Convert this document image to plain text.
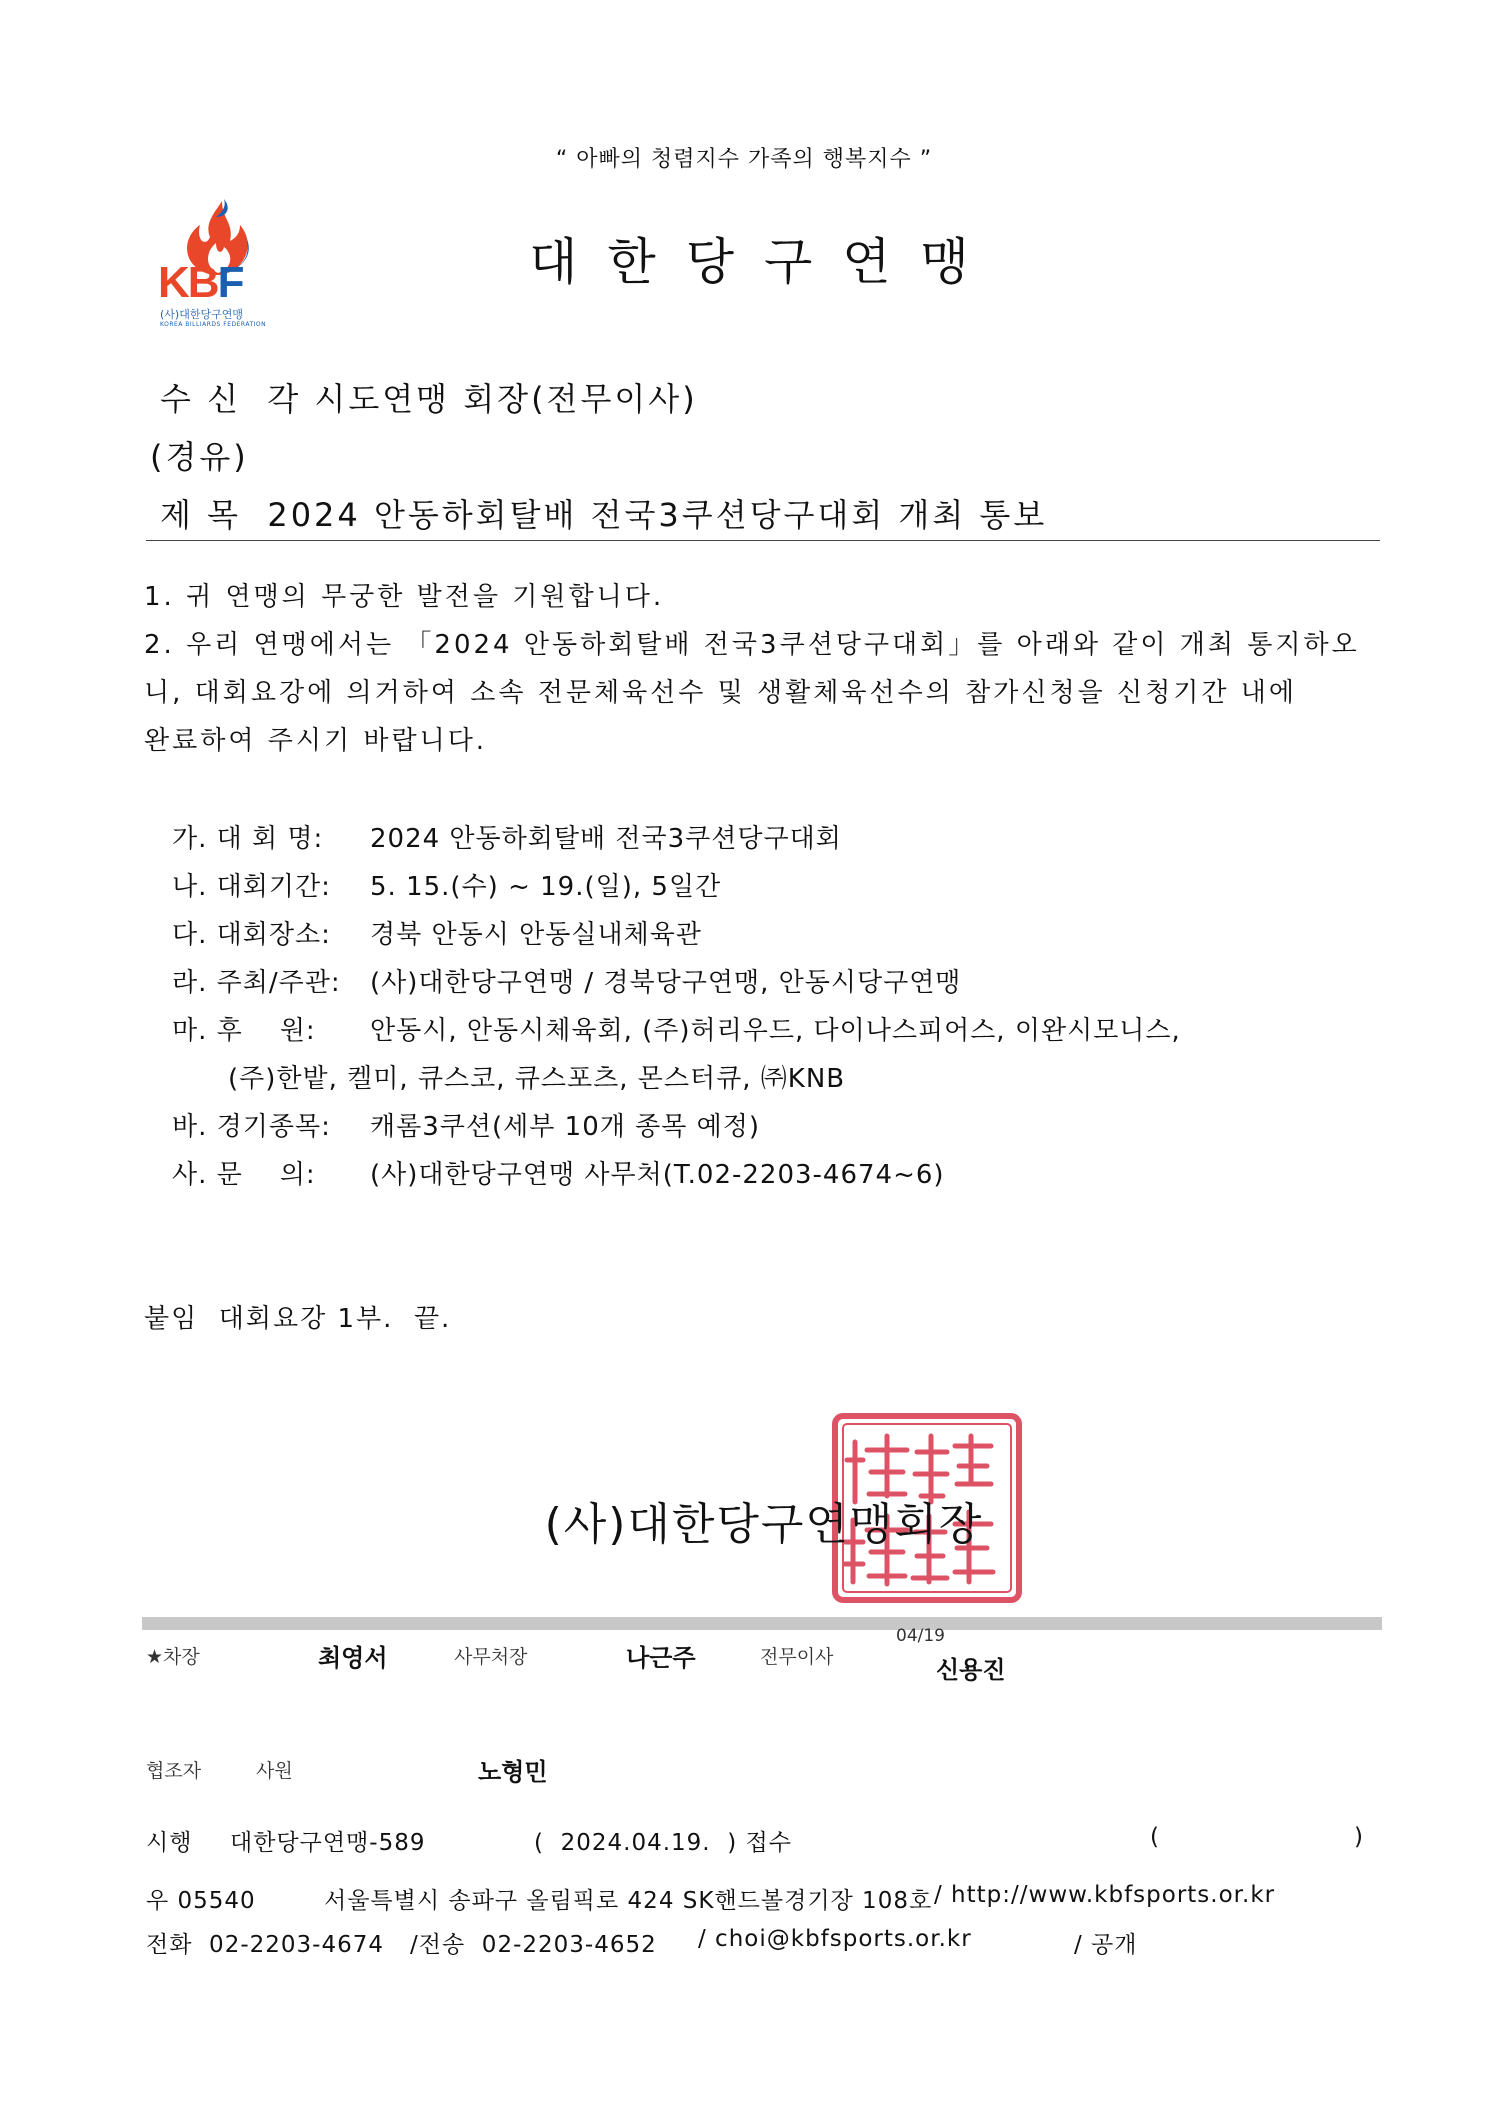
“ 아빠의 청렴지수 가족의 행복지수 ”
대한당구연맹

KBF

(사)대한당구연맹

KOREA BILLIARDS FEDERATION

수 신  각 시도연맹 회장(전무이사)
(경유)
제 목  2024 안동하회탈배 전국3쿠션당구대회 개최 통보
1. 귀 연맹의 무궁한 발전을 기원합니다.
2. 우리 연맹에서는 「2024 안동하회탈배 전국3쿠션당구대회」를 아래와 같이 개최 통지하오
니, 대회요강에 의거하여 소속 전문체육선수 및 생활체육선수의 참가신청을 신청기간 내에
완료하여 주시기 바랍니다.
가. 대 회 명: 2024 안동하회탈배 전국3쿠션당구대회
나. 대회기간: 5. 15.(수) ~ 19.(일), 5일간
다. 대회장소: 경북 안동시 안동실내체육관
라. 주최/주관: (사)대한당구연맹 / 경북당구연맹, 안동시당구연맹
마. 후    원: 안동시, 안동시체육회, (주)허리우드, 다이나스피어스, 이완시모니스,
(주)한밭, 켈미, 큐스코, 큐스포츠, 몬스터큐, ㈜KNB
바. 경기종목: 캐롬3쿠션(세부 10개 종목 예정)
사. 문    의: (사)대한당구연맹 사무처(T.02-2203-4674~6)
붙임  대회요강 1부.  끝.
(사)대한당구연맹회장
★차장	최영서	사무처장	나근주	전무이사
04/19
신용진
협조자	사원	노형민
시행 대한당구연맹-589	(  2024.04.19.  ) 접수	(	)
우 05540	서울특별시 송파구 올림픽로 424 SK핸드볼경기장 108호 / http://www.kbfsports.or.kr
전화  02-2203-4674 /전송  02-2203-4652 / choi@kbfsports.or.kr	/ 공개
